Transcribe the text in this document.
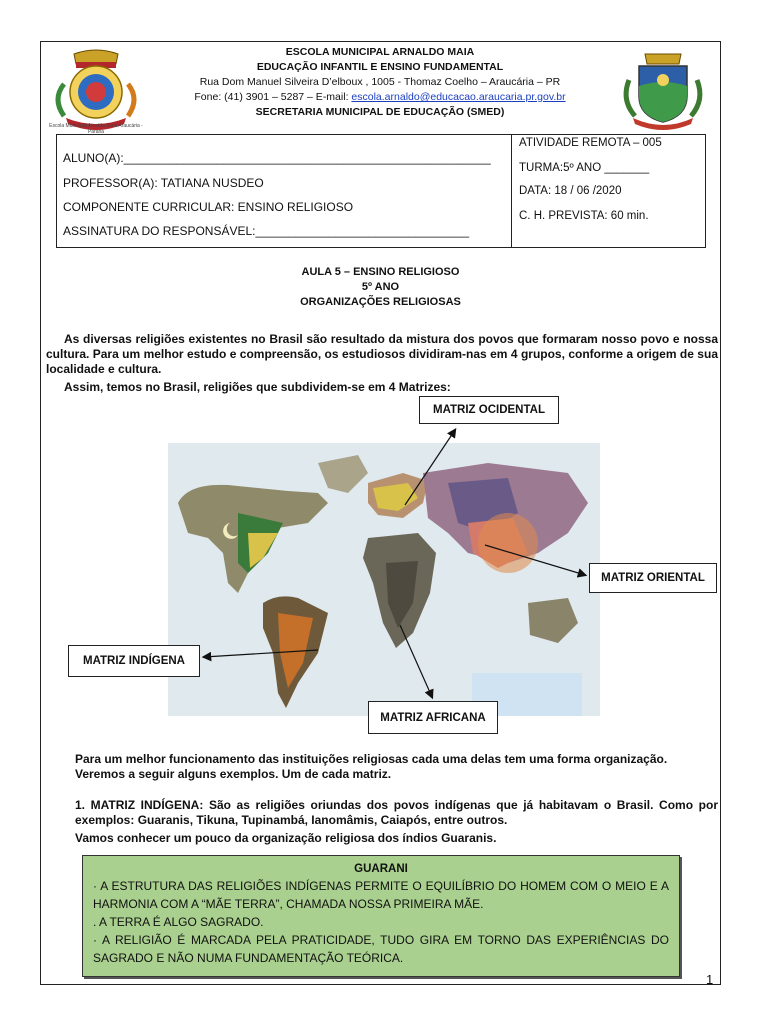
Escola Municipal Arnaldo Maia Araucária - Paraná
ESCOLA MUNICIPAL ARNALDO MAIA
EDUCAÇÃO INFANTIL E ENSINO FUNDAMENTAL
Rua Dom Manuel Silveira D’elboux , 1005 - Thomaz Coelho – Araucária – PR
Fone: (41) 3901 – 5287 – E-mail: escola.arnaldo@educacao.araucaria.pr.gov.br
SECRETARIA MUNICIPAL DE EDUCAÇÃO (SMED)
ALUNO(A):_______________________________________________________
PROFESSOR(A): TATIANA NUSDEO
COMPONENTE CURRICULAR: ENSINO RELIGIOSO
ASSINATURA DO RESPONSÁVEL:________________________________
ATIVIDADE REMOTA – 005
TURMA:5º ANO _______
DATA: 18 / 06 /2020
C. H. PREVISTA: 60 min.
AULA 5 – ENSINO RELIGIOSO
5º ANO
ORGANIZAÇÕES RELIGIOSAS
As diversas religiões existentes no Brasil são resultado da mistura dos povos que formaram nosso povo e nossa cultura. Para um melhor estudo e compreensão, os estudiosos dividiram-nas em 4 grupos, conforme a origem de sua localidade e cultura.
Assim, temos no Brasil, religiões que subdividem-se em 4 Matrizes:
MATRIZ OCIDENTAL
MATRIZ ORIENTAL
MATRIZ INDÍGENA
MATRIZ AFRICANA
Para um melhor funcionamento das instituições religiosas cada uma delas tem uma forma organização.
Veremos a seguir alguns exemplos. Um de cada matriz.
1. MATRIZ INDÍGENA: São as religiões oriundas dos povos indígenas que já habitavam o Brasil. Como por exemplos: Guaranis, Tikuna, Tupinambá, Ianomâmis, Caiapós, entre outros.
Vamos conhecer um pouco da organização religiosa dos índios Guaranis.
GUARANI
· A ESTRUTURA DAS RELIGIÕES INDÍGENAS PERMITE O EQUILÍBRIO DO HOMEM COM O MEIO E A HARMONIA COM A “MÃE TERRA”, CHAMADA NOSSA PRIMEIRA MÃE.
. A TERRA É ALGO SAGRADO.
· A RELIGIÃO É MARCADA PELA PRATICIDADE, TUDO GIRA EM TORNO DAS EXPERIÊNCIAS DO SAGRADO E NÃO NUMA FUNDAMENTAÇÃO TEÓRICA.
1
